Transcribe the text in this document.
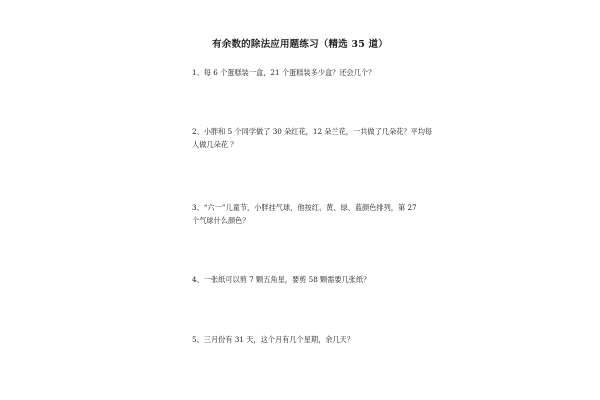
有余数的除法应用题练习（精选 35 道）
1、每 6 个蛋糕装一盒，21 个蛋糕装多少盒？还会几个？
2、小胖和 5 个同学做了 30 朵红花，12 朵兰花，一共做了几朵花？平均每
人做几朵花 ？
3、“六一”儿童节，小胖挂气球，他按红、黄、绿、蓝颜色排列，第 27
个气球什么颜色？
4、一张纸可以剪 7 颗五角星，要剪 58 颗需要几张纸？
5、三月份有 31 天，这个月有几个星期，余几天？
